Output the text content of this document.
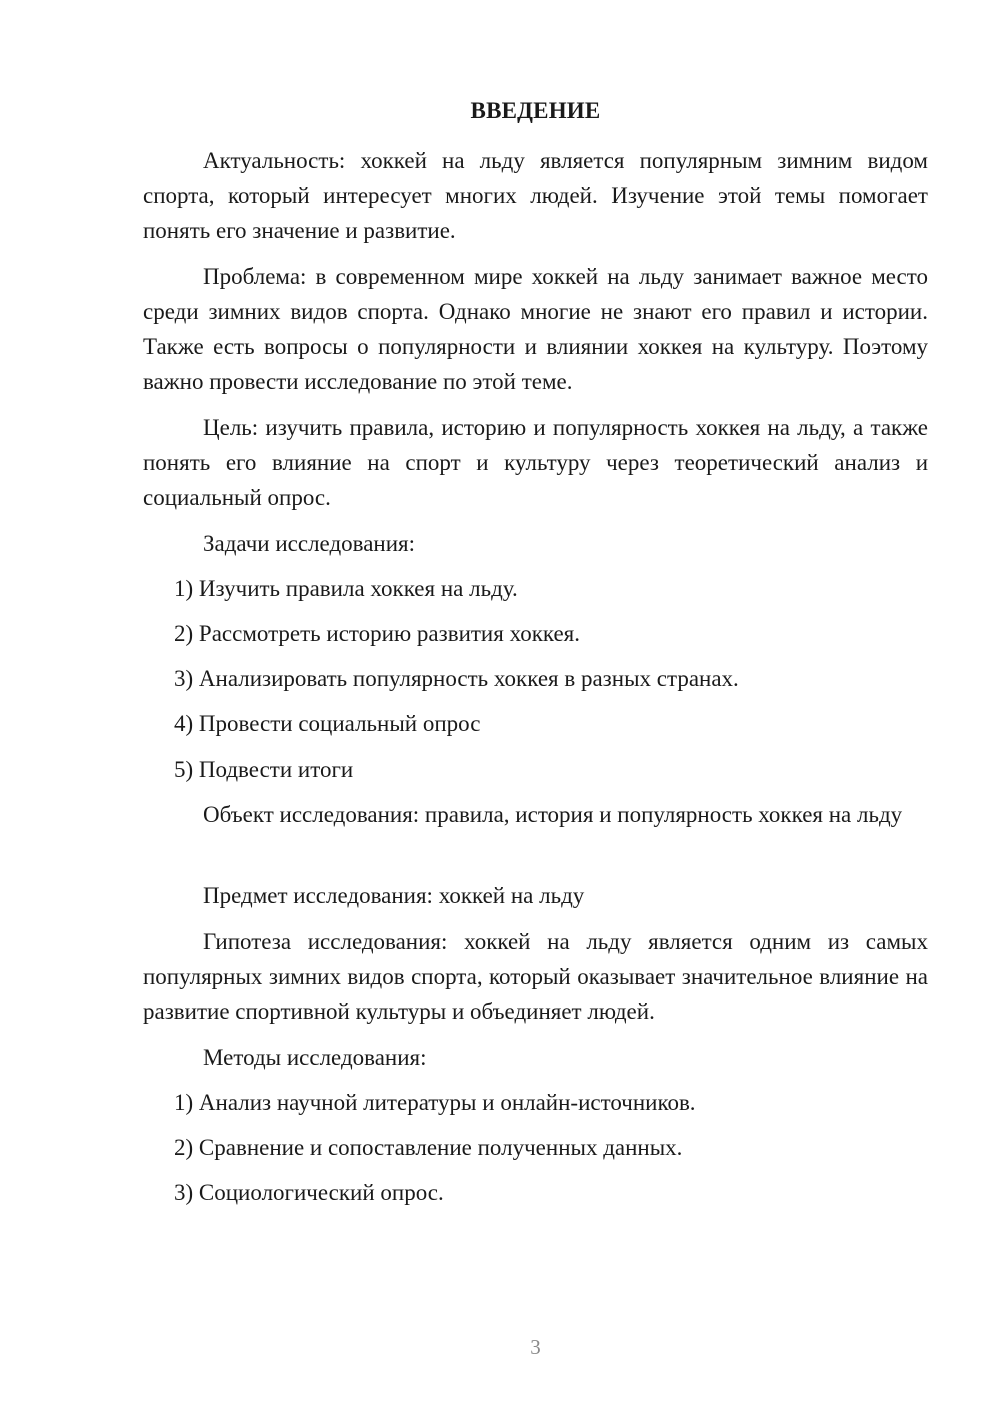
ВВЕДЕНИЕ

Актуальность: хоккей на льду является популярным зимним видом спорта, который интересует многих людей. Изучение этой темы помогает понять его значение и развитие.

Проблема: в современном мире хоккей на льду занимает важное место среди зимних видов спорта. Однако многие не знают его правил и истории. Также есть вопросы о популярности и влиянии хоккея на культуру. Поэтому важно провести исследование по этой теме.

Цель: изучить правила, историю и популярность хоккея на льду, а также понять его влияние на спорт и культуру через теоретический анализ и социальный опрос.

Задачи исследования:

1) Изучить правила хоккея на льду.

2) Рассмотреть историю развития хоккея.

3) Анализировать популярность хоккея в разных странах.

4) Провести социальный опрос

5) Подвести итоги

Объект исследования: правила, история и популярность хоккея на льду

Предмет исследования: хоккей на льду

Гипотеза исследования: хоккей на льду является одним из самых популярных зимних видов спорта, который оказывает значительное влияние на развитие спортивной культуры и объединяет людей.

Методы исследования:

1) Анализ научной литературы и онлайн-источников.

2) Сравнение и сопоставление полученных данных.

3) Социологический опрос.

3
